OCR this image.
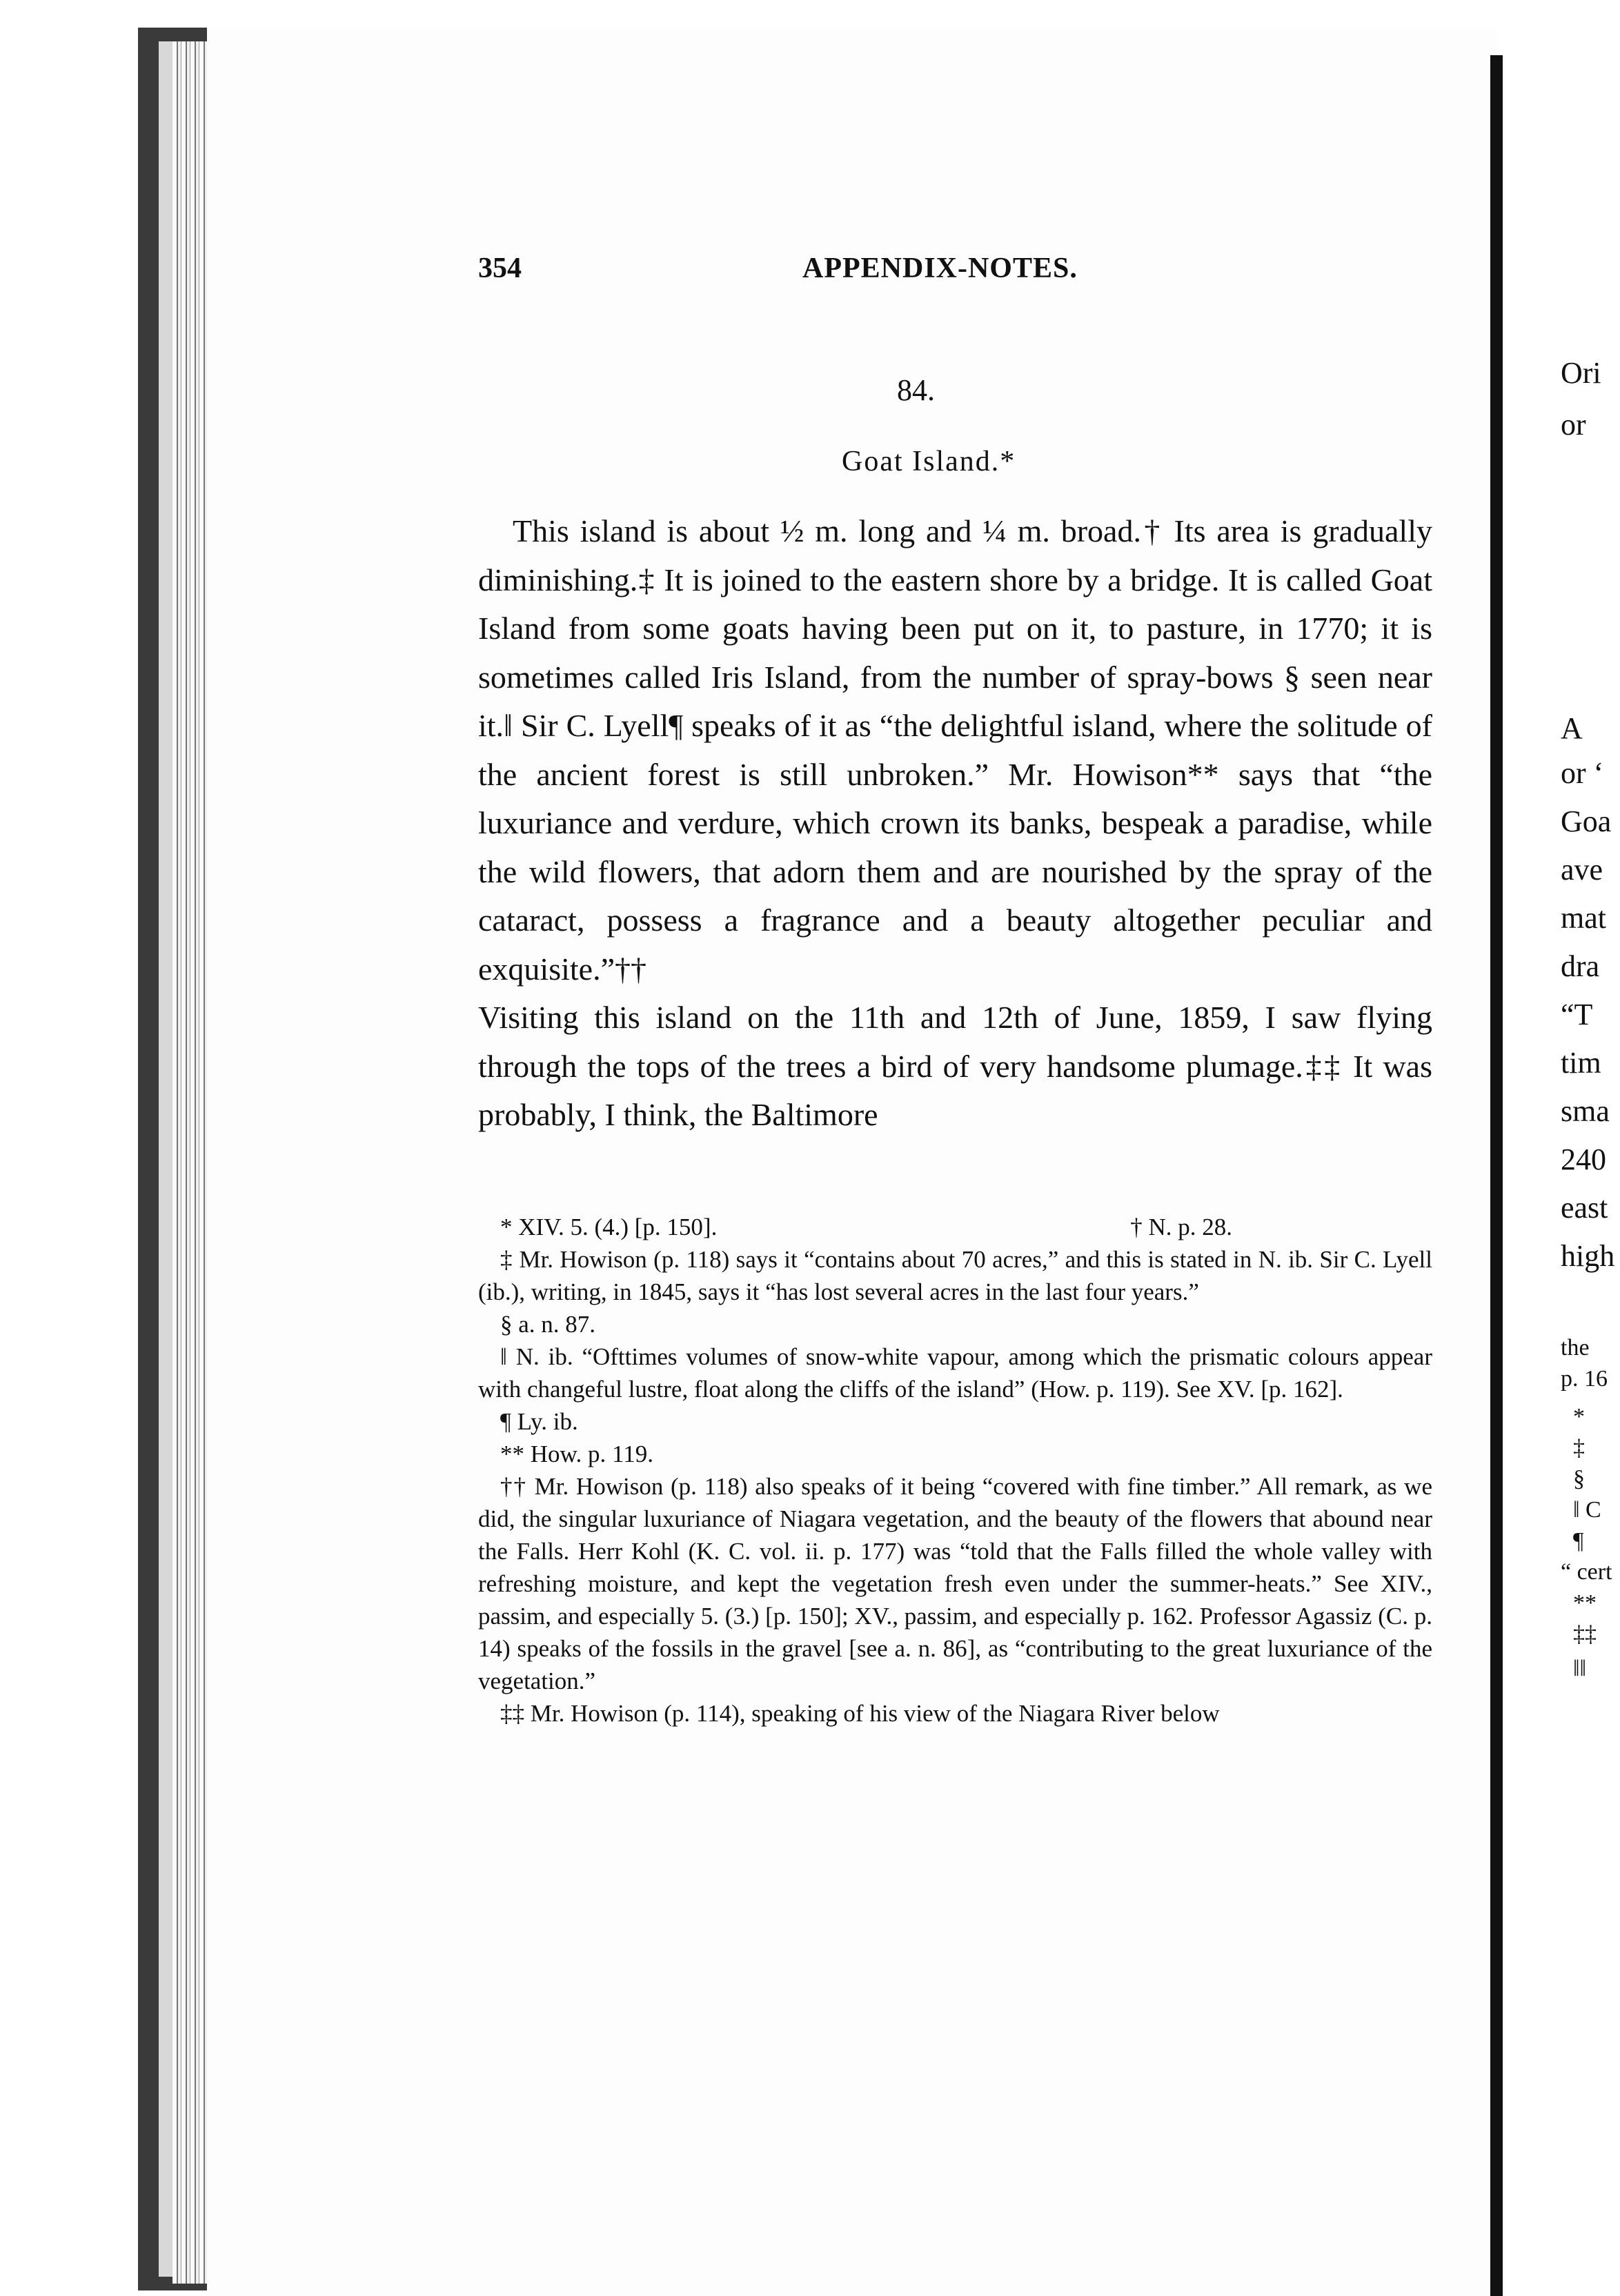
354	APPENDIX-NOTES.
84.
Goat Island.*

This island is about ½ m. long and ¼ m. broad.† Its area is gradually diminishing.‡ It is joined to the eastern shore by a bridge. It is called Goat Island from some goats having been put on it, to pasture, in 1770; it is sometimes called Iris Island, from the number of spray-bows § seen near it.‖ Sir C. Lyell¶ speaks of it as “the delightful island, where the solitude of the ancient forest is still unbroken.” Mr. Howison** says that “the luxuriance and verdure, which crown its banks, bespeak a paradise, while the wild flowers, that adorn them and are nourished by the spray of the cataract, possess a fragrance and a beauty altogether peculiar and exquisite.”††

Visiting this island on the 11th and 12th of June, 1859, I saw flying through the tops of the trees a bird of very handsome plumage.‡‡ It was probably, I think, the Baltimore

* XIV. 5. (4.) [p. 150].	† N. p. 28.

‡ Mr. Howison (p. 118) says it “contains about 70 acres,” and this is stated in N. ib. Sir C. Lyell (ib.), writing, in 1845, says it “has lost several acres in the last four years.”

§ a. n. 87.

‖ N. ib. “Ofttimes volumes of snow-white vapour, among which the prismatic colours appear with changeful lustre, float along the cliffs of the island” (How. p. 119). See XV. [p. 162].

¶ Ly. ib.

** How. p. 119.

†† Mr. Howison (p. 118) also speaks of it being “covered with fine timber.” All remark, as we did, the singular luxuriance of Niagara vegetation, and the beauty of the flowers that abound near the Falls. Herr Kohl (K. C. vol. ii. p. 177) was “told that the Falls filled the whole valley with refreshing moisture, and kept the vegetation fresh even under the summer-heats.” See XIV., passim, and especially 5. (3.) [p. 150]; XV., passim, and especially p. 162. Professor Agassiz (C. p. 14) speaks of the fossils in the gravel [see a. n. 86], as “contributing to the great luxuriance of the vegetation.”

‡‡ Mr. Howison (p. 114), speaking of his view of the Niagara River below

Ori
or
A
or ‘
Goa
ave
mat
dra
“T
tim
sma
240
east
high
the
p. 16
*
‡
§
‖ C
¶
“ cert
**
‡‡
‖‖
